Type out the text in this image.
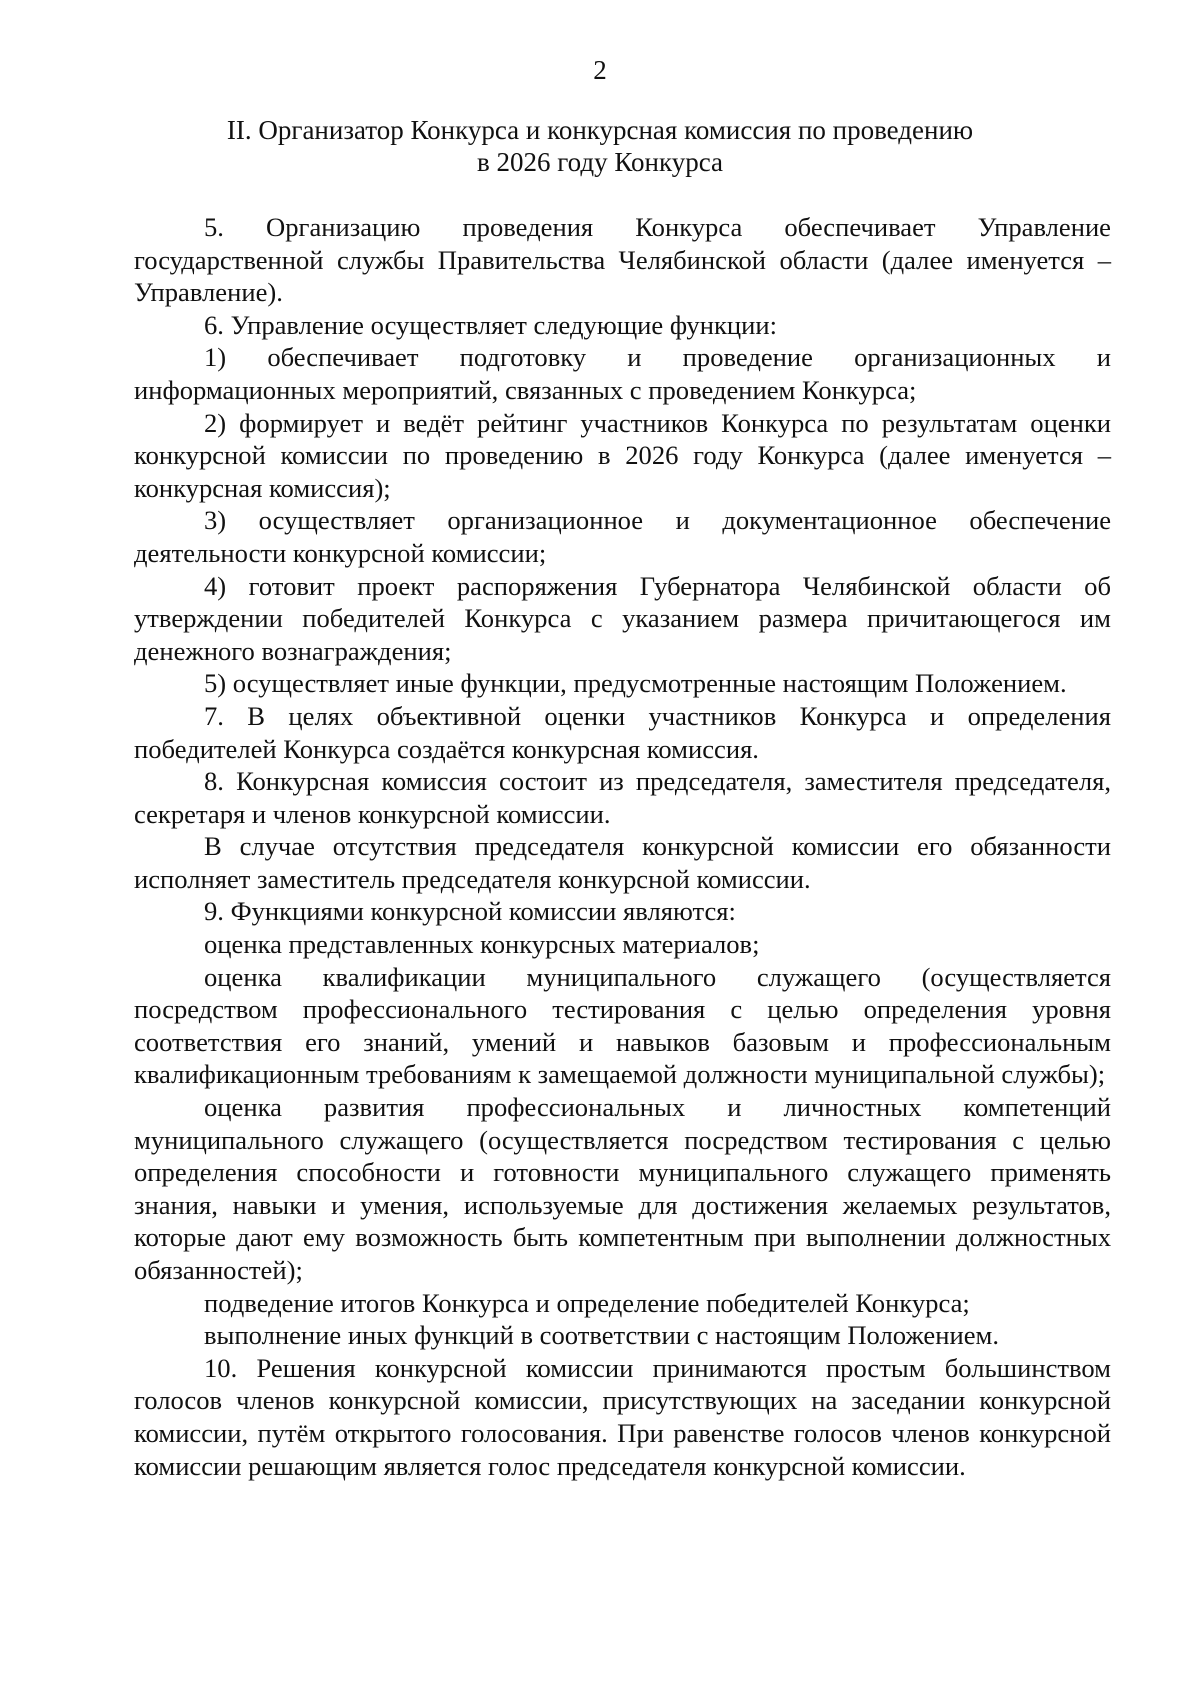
2
II. Организатор Конкурса и конкурсная комиссия по проведению
в 2026 году Конкурса

5. Организацию проведения Конкурса обеспечивает Управление государственной службы Правительства Челябинской области (далее именуется – Управление).

6. Управление осуществляет следующие функции:

1) обеспечивает подготовку и проведение организационных и информационных мероприятий, связанных с проведением Конкурса;

2) формирует и ведёт рейтинг участников Конкурса по результатам оценки конкурсной комиссии по проведению в 2026 году Конкурса (далее именуется – конкурсная комиссия);

3) осуществляет организационное и документационное обеспечение деятельности конкурсной комиссии;

4) готовит проект распоряжения Губернатора Челябинской области об утверждении победителей Конкурса с указанием размера причитающегося им денежного вознаграждения;

5) осуществляет иные функции, предусмотренные настоящим Положением.

7. В целях объективной оценки участников Конкурса и определения победителей Конкурса создаётся конкурсная комиссия.

8. Конкурсная комиссия состоит из председателя, заместителя председателя, секретаря и членов конкурсной комиссии.

В случае отсутствия председателя конкурсной комиссии его обязанности исполняет заместитель председателя конкурсной комиссии.

9. Функциями конкурсной комиссии являются:

оценка представленных конкурсных материалов;

оценка квалификации муниципального служащего (осуществляется посредством профессионального тестирования с целью определения уровня соответствия его знаний, умений и навыков базовым и профессиональным квалификационным требованиям к замещаемой должности муниципальной службы);

оценка развития профессиональных и личностных компетенций муниципального служащего (осуществляется посредством тестирования с целью определения способности и готовности муниципального служащего применять знания, навыки и умения, используемые для достижения желаемых результатов, которые дают ему возможность быть компетентным при выполнении должностных обязанностей);

подведение итогов Конкурса и определение победителей Конкурса;

выполнение иных функций в соответствии с настоящим Положением.

10. Решения конкурсной комиссии принимаются простым большинством голосов членов конкурсной комиссии, присутствующих на заседании конкурсной комиссии, путём открытого голосования. При равенстве голосов членов конкурсной комиссии решающим является голос председателя конкурсной комиссии.
